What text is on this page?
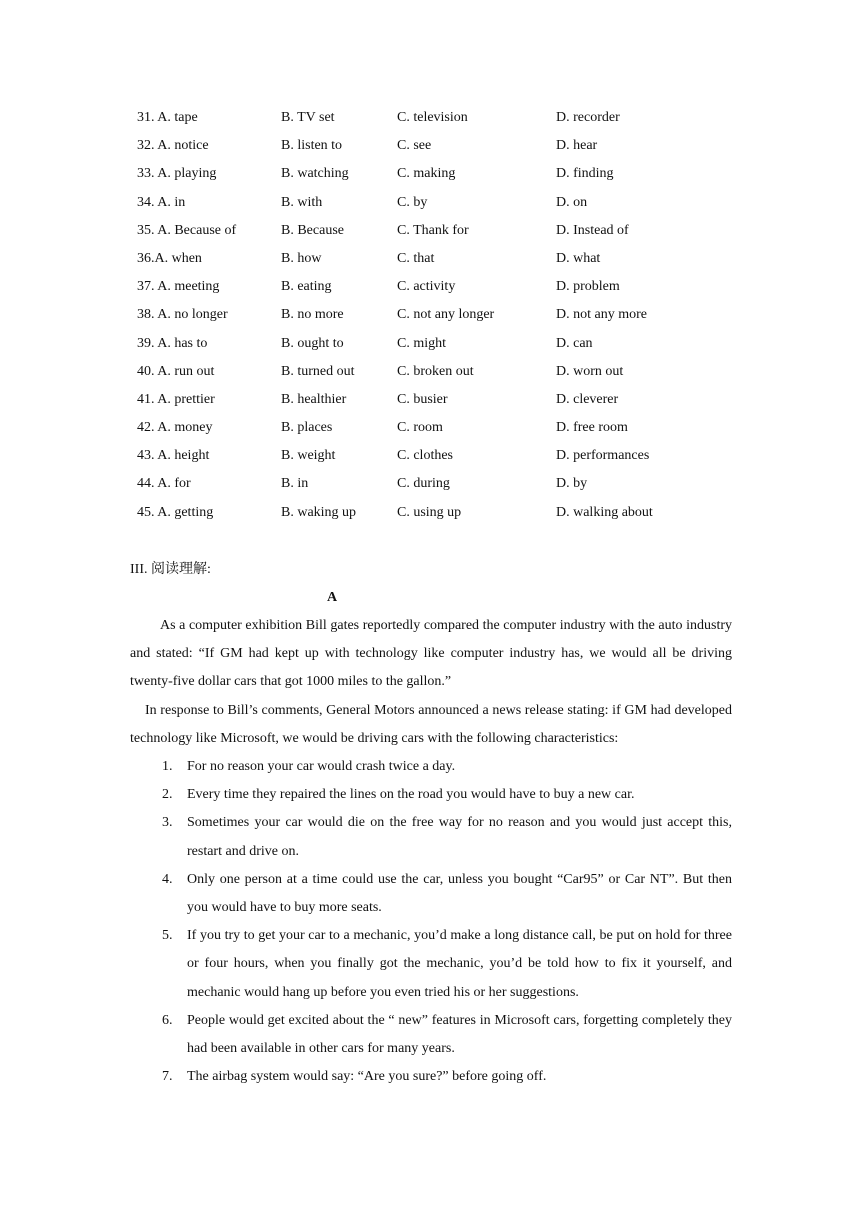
31. A. tape	B. TV set	C. television	D. recorder
32. A. notice	B. listen to	C. see	D. hear
33. A. playing	B. watching	C. making	D. finding
34. A. in	B. with	C. by	D. on
35. A. Because of	B. Because	C. Thank for	D. Instead of
36.A. when	B. how	C. that	D. what
37. A. meeting	B. eating	C. activity	D. problem
38. A. no longer	B. no more	C. not any longer	D. not any more
39. A. has to	B. ought to	C. might	D. can
40. A. run out	B. turned out	C. broken out	D. worn out
41. A. prettier	B. healthier	C. busier	D. cleverer
42. A. money	B. places	C. room	D. free room
43. A. height	B. weight	C. clothes	D. performances
44. A. for	B. in	C. during	D. by
45. A. getting	B. waking up	C. using up	D. walking about
III. 阅读理解:
A

As a computer exhibition Bill gates reportedly compared the computer industry with the auto industry and stated: “If GM had kept up with technology like computer industry has, we would all be driving twenty-five dollar cars that got 1000 miles to the gallon.”

In response to Bill’s comments, General Motors announced a news release stating: if GM had developed technology like Microsoft, we would be driving cars with the following characteristics:

1. For no reason your car would crash twice a day.
2. Every time they repaired the lines on the road you would have to buy a new car.
3. Sometimes your car would die on the free way for no reason and you would just accept this, restart and drive on.
4. Only one person at a time could use the car, unless you bought “Car95” or Car NT”. But then you would have to buy more seats.
5. If you try to get your car to a mechanic, you’d make a long distance call, be put on hold for three or four hours, when you finally got the mechanic, you’d be told how to fix it yourself, and mechanic would hang up before you even tried his or her suggestions.
6. People would get excited about the “ new” features in Microsoft cars, forgetting completely they had been available in other cars for many years.
7. The airbag system would say: “Are you sure?” before going off.
